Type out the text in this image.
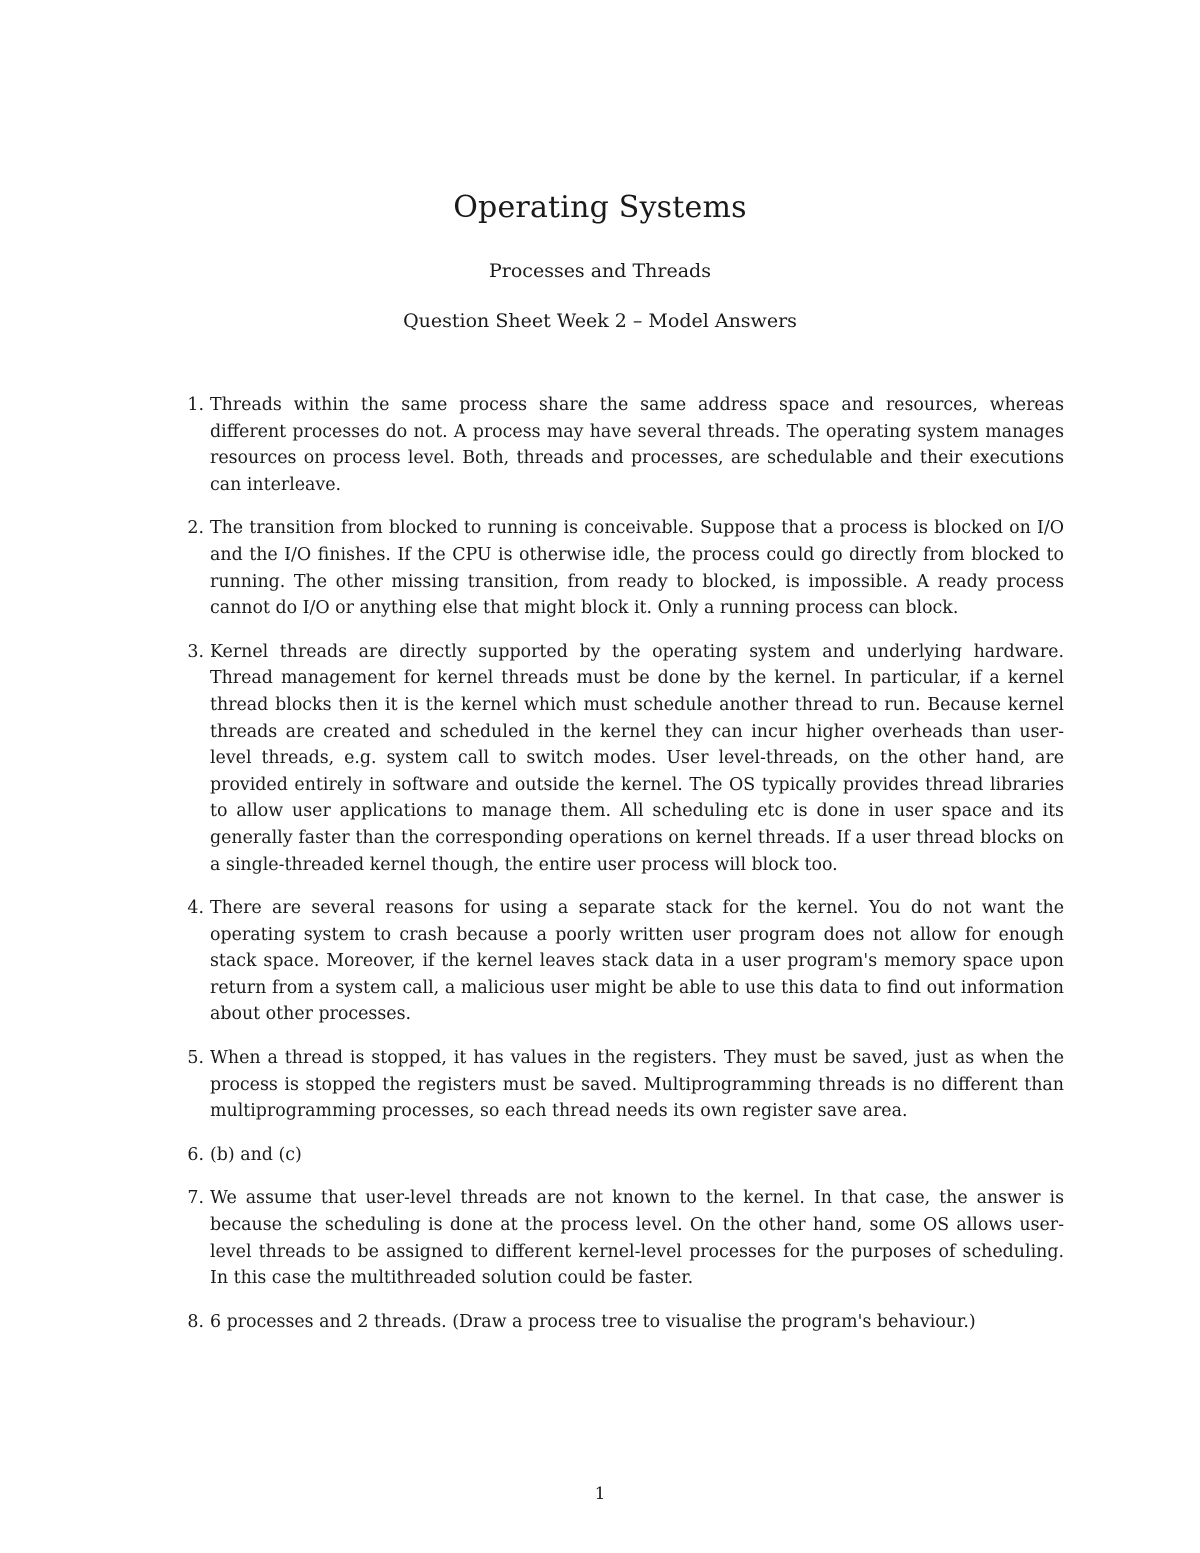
Operating Systems
Processes and Threads
Question Sheet Week 2 – Model Answers
1. Threads within the same process share the same address space and resources, whereas different processes do not. A process may have several threads. The operating system manages resources on process level. Both, threads and processes, are schedulable and their executions can interleave.
2. The transition from blocked to running is conceivable. Suppose that a process is blocked on I/O and the I/O finishes. If the CPU is otherwise idle, the process could go directly from blocked to running. The other missing transition, from ready to blocked, is impossible. A ready process cannot do I/O or anything else that might block it. Only a running process can block.
3. Kernel threads are directly supported by the operating system and underlying hardware. Thread management for kernel threads must be done by the kernel. In particular, if a kernel thread blocks then it is the kernel which must schedule another thread to run. Because kernel threads are created and scheduled in the kernel they can incur higher overheads than user-level threads, e.g. system call to switch modes. User level-threads, on the other hand, are provided entirely in software and outside the kernel. The OS typically provides thread libraries to allow user applications to manage them. All scheduling etc is done in user space and its generally faster than the corresponding operations on kernel threads. If a user thread blocks on a single-threaded kernel though, the entire user process will block too.
4. There are several reasons for using a separate stack for the kernel. You do not want the operating system to crash because a poorly written user program does not allow for enough stack space. Moreover, if the kernel leaves stack data in a user program's memory space upon return from a system call, a malicious user might be able to use this data to find out information about other processes.
5. When a thread is stopped, it has values in the registers. They must be saved, just as when the process is stopped the registers must be saved. Multiprogramming threads is no different than multiprogramming processes, so each thread needs its own register save area.
6. (b) and (c)
7. We assume that user-level threads are not known to the kernel. In that case, the answer is because the scheduling is done at the process level. On the other hand, some OS allows user-level threads to be assigned to different kernel-level processes for the purposes of scheduling. In this case the multithreaded solution could be faster.
8. 6 processes and 2 threads. (Draw a process tree to visualise the program's behaviour.)
1
